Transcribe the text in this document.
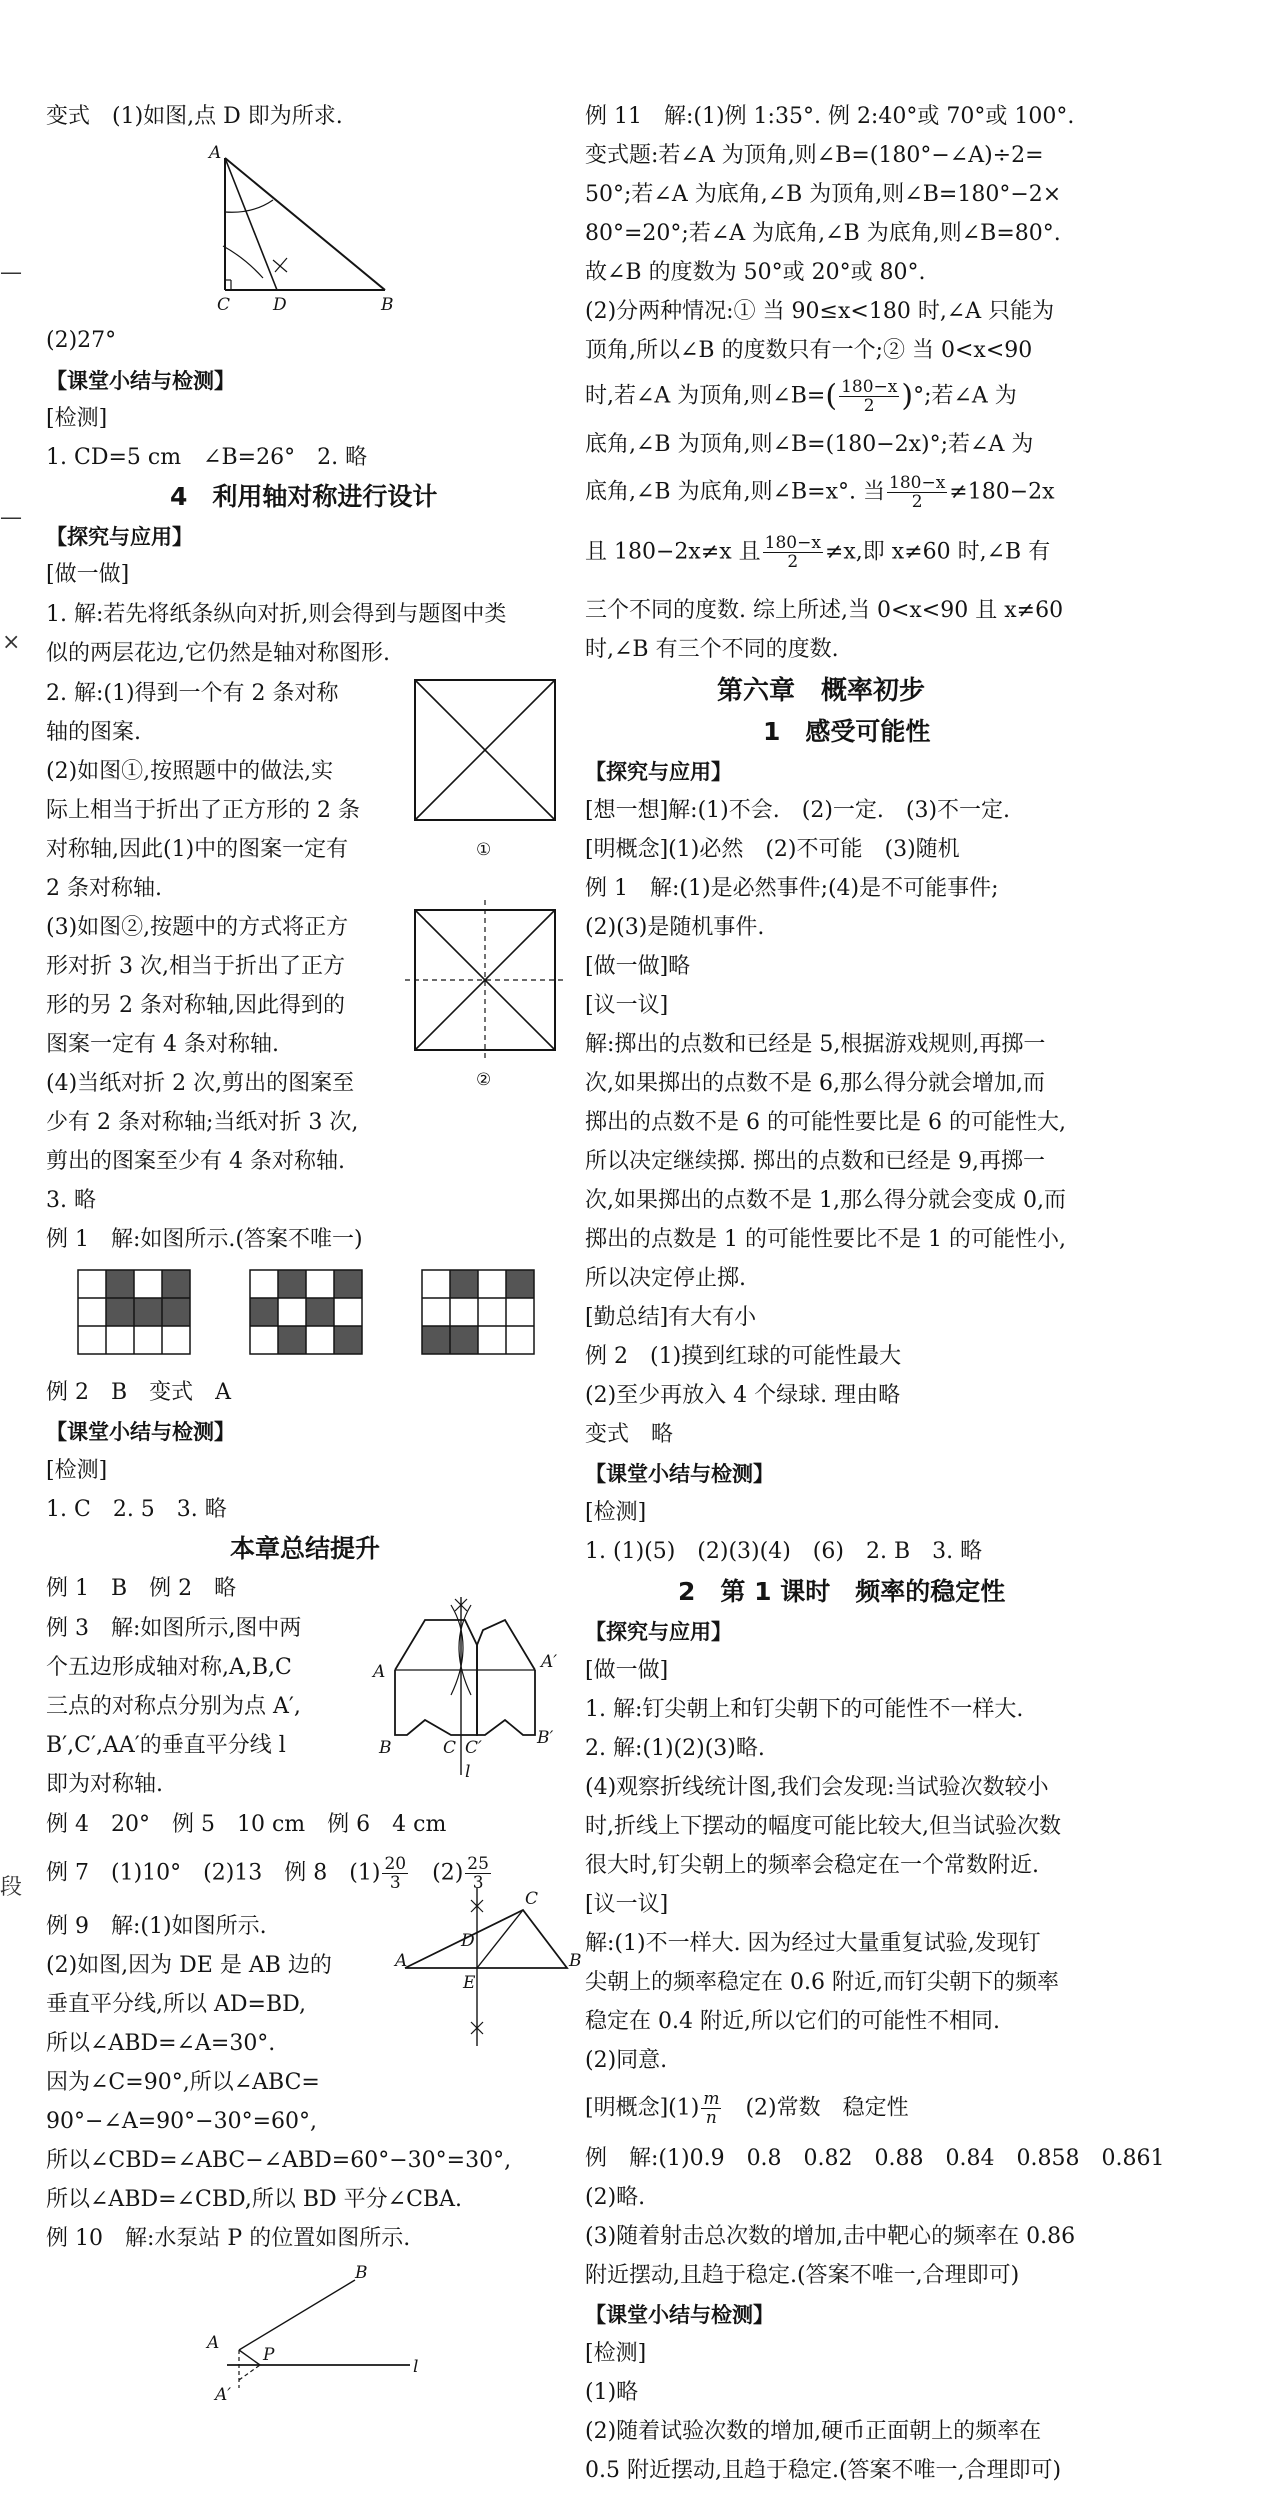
—
—
×
段
变式　(1)如图,点 D 即为所求.
A
C	D	B
(2)27°
【课堂小结与检测】
[检测]
1. CD=5 cm　∠B=26°　2. 略
4　利用轴对称进行设计
【探究与应用】
[做一做]
1. 解:若先将纸条纵向对折,则会得到与题图中类
似的两层花边,它仍然是轴对称图形.
2. 解:(1)得到一个有 2 条对称
轴的图案.
(2)如图①,按照题中的做法,实
际上相当于折出了正方形的 2 条
对称轴,因此(1)中的图案一定有
2 条对称轴.
①
(3)如图②,按题中的方式将正方
形对折 3 次,相当于折出了正方
形的另 2 条对称轴,因此得到的
图案一定有 4 条对称轴.
②
(4)当纸对折 2 次,剪出的图案至
少有 2 条对称轴;当纸对折 3 次,
剪出的图案至少有 4 条对称轴.
3. 略
例 1　解:如图所示.(答案不唯一)
例 2　B　变式　A
【课堂小结与检测】
[检测]
1. C　2. 5　3. 略
本章总结提升
例 1　B　例 2　略
例 3　解:如图所示,图中两
个五边形成轴对称,A,B,C
三点的对称点分别为点 A′,
B′,C′,AA′的垂直平分线 l
即为对称轴.
A	A′
B	C C′	B′
l
例 4　20°　例 5　10 cm　例 6　4 cm
例 7　(1)10°　(2)13　例 8　$(1) \frac{20}{3}$ 　$(2) \frac{25}{3}$
例 9　解:(1)如图所示.
(2)如图,因为 DE 是 AB 边的
垂直平分线,所以 AD=BD,
所以∠ABD=∠A=30°.
因为∠C=90°,所以∠ABC=
90°−∠A=90°−30°=60°,
C
D
A	B
E
所以∠CBD=∠ABC−∠ABD=60°−30°=30°,
所以∠ABD=∠CBD,所以 BD 平分∠CBA.
例 10　解:水泵站 P 的位置如图所示.
A
B
P
A′
l
例 11　解:(1)例 1:35°. 例 2:40°或 70°或 100°.
变式题:若∠A 为顶角,则∠B=(180°−∠A)÷2=
50°;若∠A 为底角,∠B 为顶角,则∠B=180°−2×
80°=20°;若∠A 为底角,∠B 为底角,则∠B=80°.
故∠B 的度数为 50°或 20°或 80°.
(2)分两种情况:① 当 90≤x<180 时,∠A 只能为
顶角,所以∠B 的度数只有一个;② 当 0<x<90
时,若∠A 为顶角,则∠B=( $\frac{180-x}{2}$ )°;若∠A 为
底角,∠B 为顶角,则∠B=(180−2x)°;若∠A 为
底角,∠B 为底角,则∠B=x°. 当 $\frac{180-x}{2} \ne 180-2x$
且 180−2x≠x 且 $\frac{180-x}{2} \ne x$,即 x≠60 时,∠B 有
三个不同的度数. 综上所述,当 0<x<90 且 x≠60
时,∠B 有三个不同的度数.
第六章　概率初步
1　感受可能性
【探究与应用】
[想一想]解:(1)不会.　(2)一定.　(3)不一定.
[明概念](1)必然　(2)不可能　(3)随机
例 1　解:(1)是必然事件;(4)是不可能事件;
(2)(3)是随机事件.
[做一做]略
[议一议]
解:掷出的点数和已经是 5,根据游戏规则,再掷一
次,如果掷出的点数不是 6,那么得分就会增加,而
掷出的点数不是 6 的可能性要比是 6 的可能性大,
所以决定继续掷. 掷出的点数和已经是 9,再掷一
次,如果掷出的点数不是 1,那么得分就会变成 0,而
掷出的点数是 1 的可能性要比不是 1 的可能性小,
所以决定停止掷.
[勤总结]有大有小
例 2　(1)摸到红球的可能性最大
(2)至少再放入 4 个绿球. 理由略
变式　略
【课堂小结与检测】
[检测]
1. (1)(5)　(2)(3)(4)　(6)　2. B　3. 略
2　第 1 课时　频率的稳定性
【探究与应用】
[做一做]
1. 解:钉尖朝上和钉尖朝下的可能性不一样大.
2. 解:(1)(2)(3)略.
(4)观察折线统计图,我们会发现:当试验次数较小
时,折线上下摆动的幅度可能比较大,但当试验次数
很大时,钉尖朝上的频率会稳定在一个常数附近.
[议一议]
解:(1)不一样大. 因为经过大量重复试验,发现钉
尖朝上的频率稳定在 0.6 附近,而钉尖朝下的频率
稳定在 0.4 附近,所以它们的可能性不相同.
(2)同意.
[明概念]$(1) \frac{m}{n}$ 　(2)常数　稳定性
例　解:(1)0.9　0.8　0.82　0.88　0.84　0.858　0.861
(2)略.
(3)随着射击总次数的增加,击中靶心的频率在 0.86
附近摆动,且趋于稳定.(答案不唯一,合理即可)
【课堂小结与检测】
[检测]
(1)略
(2)随着试验次数的增加,硬币正面朝上的频率在
0.5 附近摆动,且趋于稳定.(答案不唯一,合理即可)
